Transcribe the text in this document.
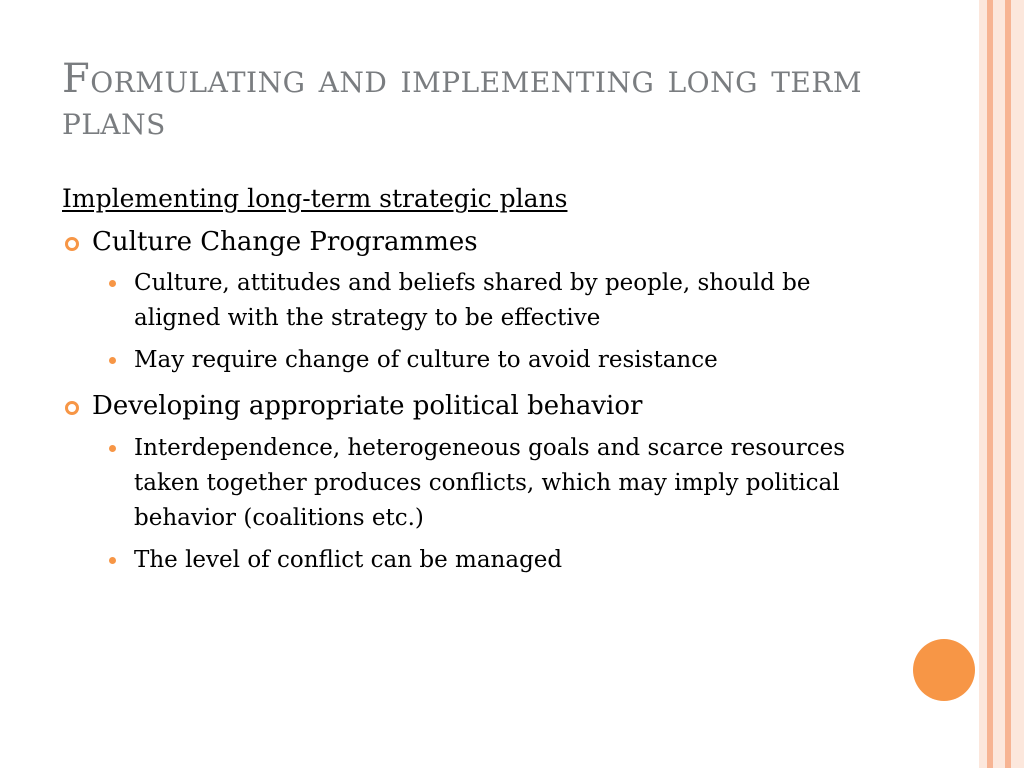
Formulating and implementing long term plans
Implementing long-term strategic plans
Culture Change Programmes
Culture, attitudes and beliefs shared by people, should be aligned with the strategy to be effective
May require change of culture to avoid resistance
Developing appropriate political behavior
Interdependence, heterogeneous goals and scarce resources taken together produces conflicts, which may imply political behavior (coalitions etc.)
The level of conflict can be managed
